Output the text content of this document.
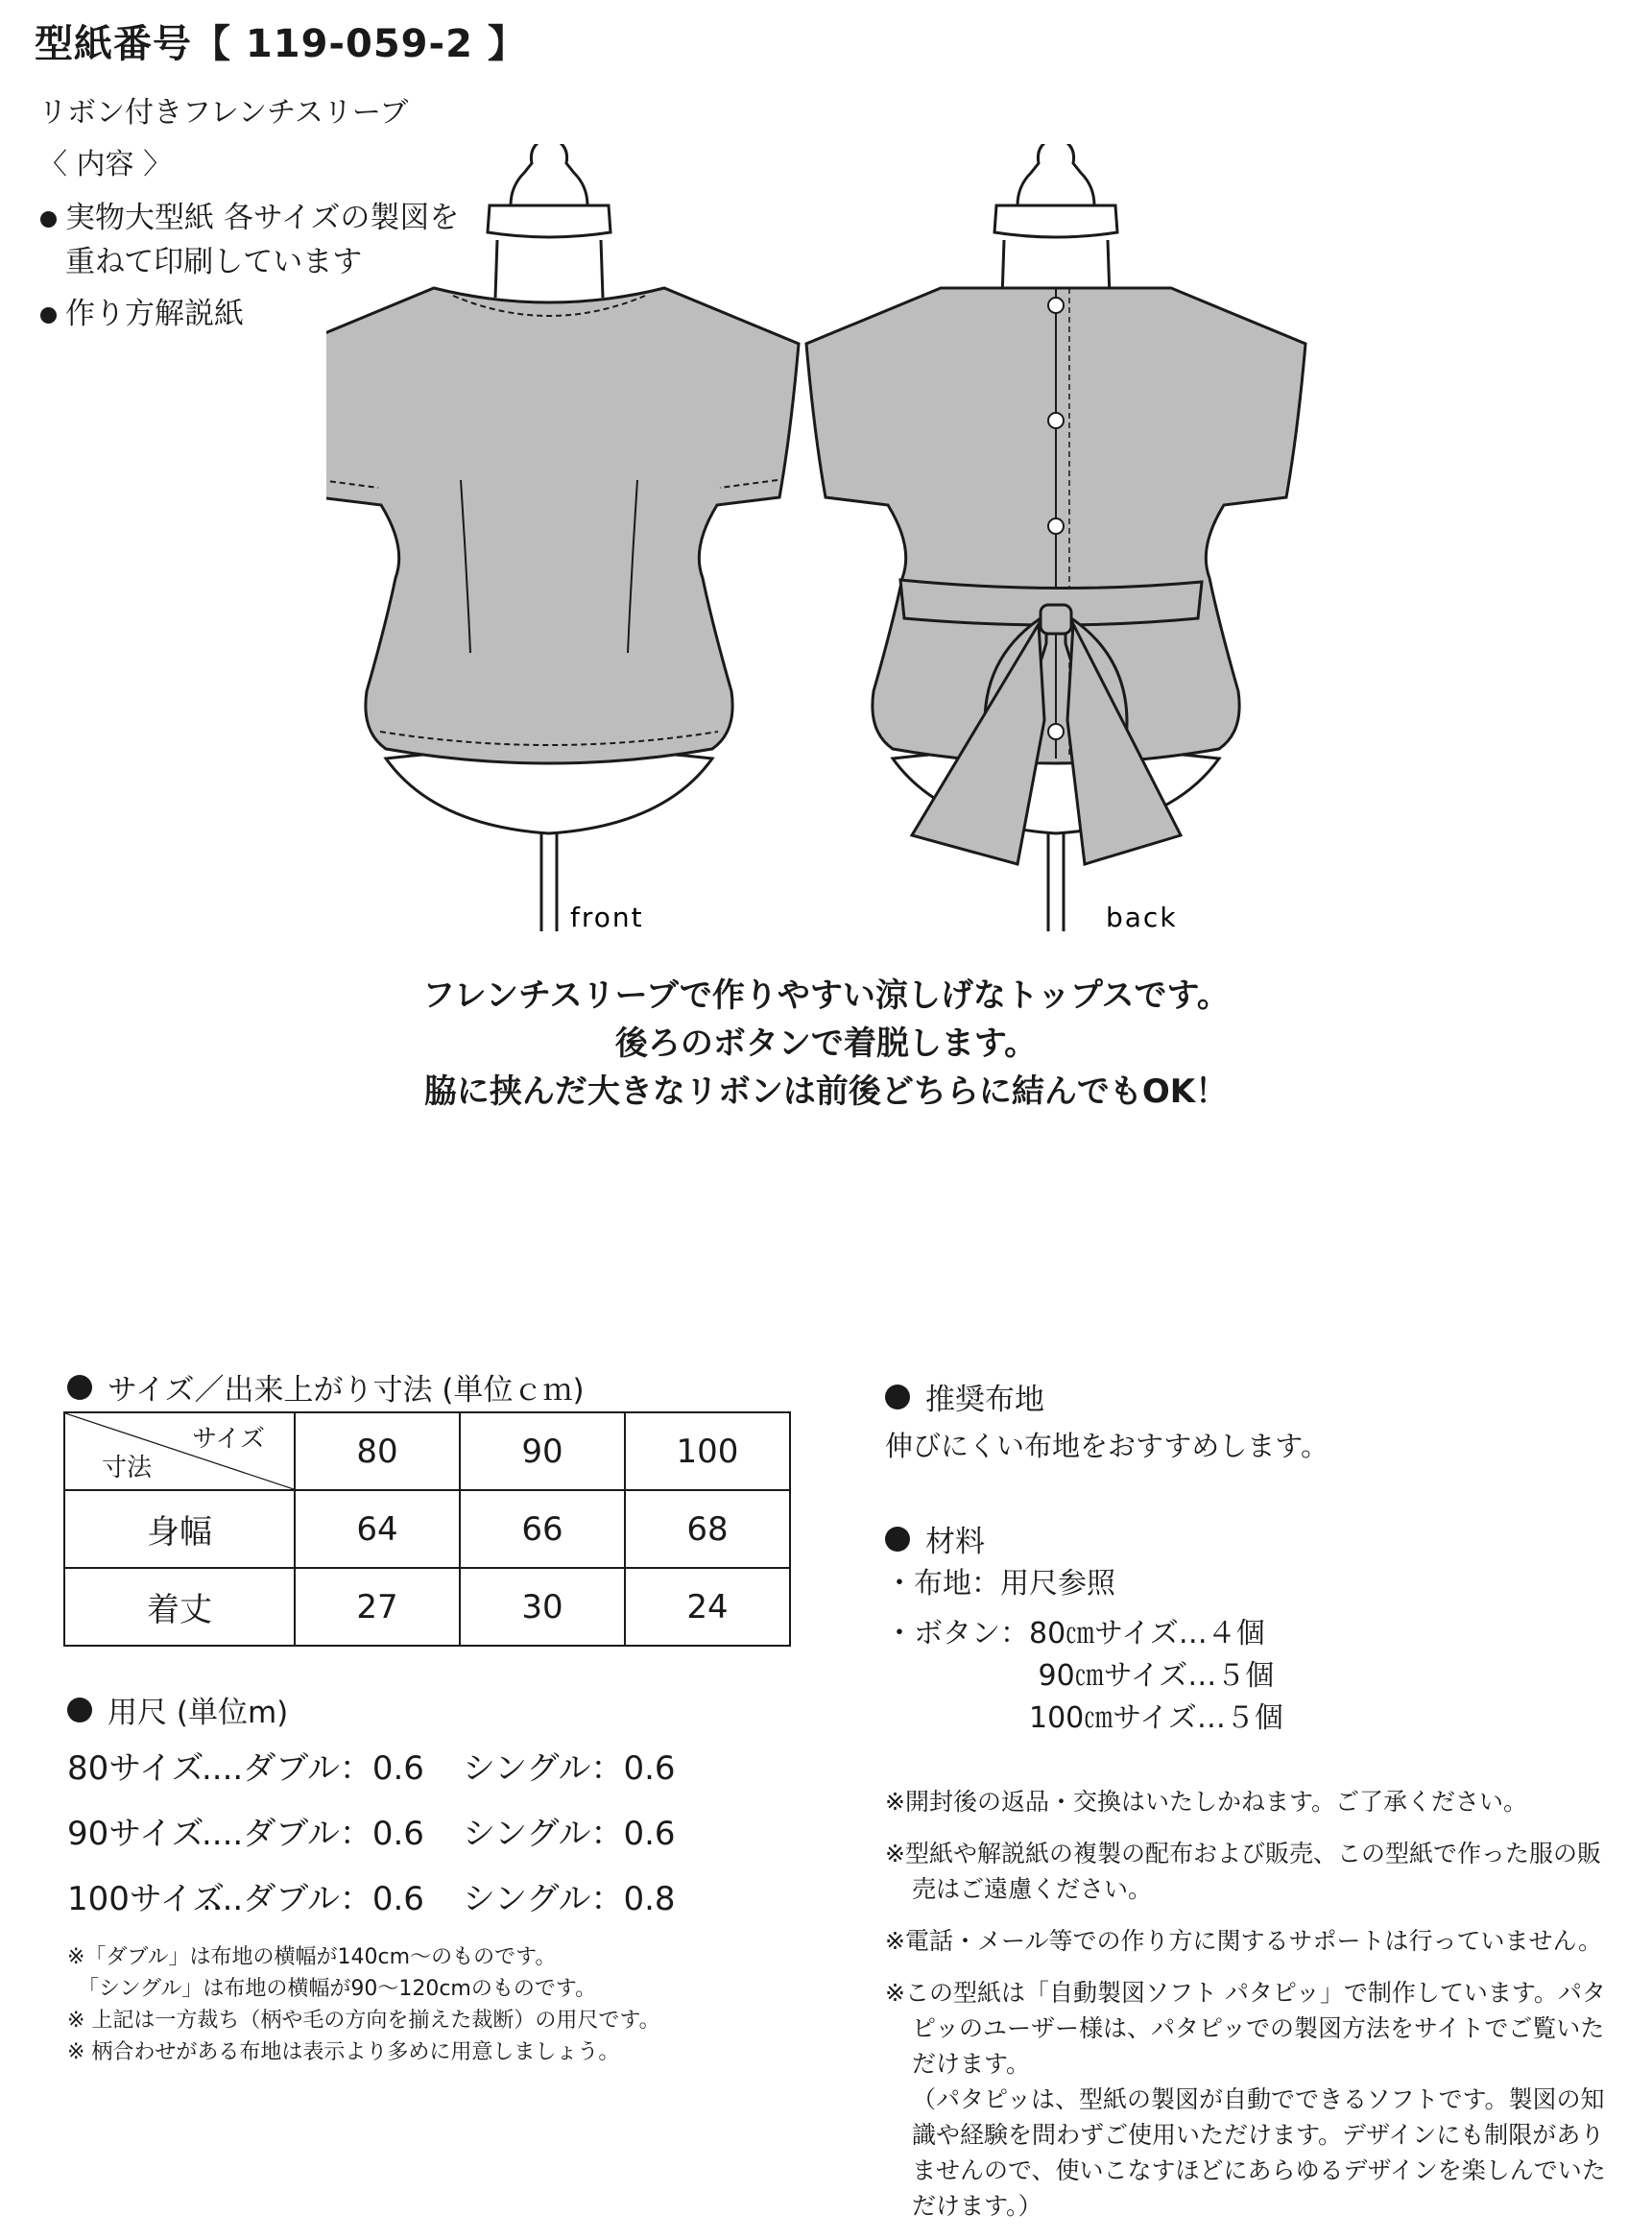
型紙番号【 119-059-2 】
リボン付きフレンチスリーブ
〈 内容 〉
実物大型紙 各サイズの製図を
重ねて印刷しています
作り方解説紙
front	back
フレンチスリーブで作りやすい涼しげなトップスです。
後ろのボタンで着脱します。
脇に挟んだ大きなリボンは前後どちらに結んでもOK！
サイズ／出来上がり寸法 (単位ｃｍ)
サイズ
寸法	80	90	100
身幅	64	66	68
着丈	27	30	24
用尺 (単位m)
80サイズ
....ダブル：0.6	シングル：0.6
90サイズ
....ダブル：0.6	シングル：0.6
100サイズ
....ダブル：0.6	シングル：0.8
※「ダブル」は布地の横幅が140cm〜のものです。
　「シングル」は布地の横幅が90〜120cmのものです。
※ 上記は一方裁ち（柄や毛の方向を揃えた裁断）の用尺です。
※ 柄合わせがある布地は表示より多めに用意しましょう。
推奨布地
伸びにくい布地をおすすめします。
材料
・布地：用尺参照
・ボタン：80㎝サイズ…４個
　　　　　 90㎝サイズ…５個
　　　　　100㎝サイズ…５個

※開封後の返品・交換はいたしかねます。ご了承ください。

※型紙や解説紙の複製の配布および販売、この型紙で作った服の販売はご遠慮ください。

※電話・メール等での作り方に関するサポートは行っていません。

※この型紙は「自動製図ソフト パタピッ」で制作しています。パタピッのユーザー様は、パタピッでの製図方法をサイトでご覧いただけます。
（パタピッは、型紙の製図が自動でできるソフトです。製図の知識や経験を問わずご使用いただけます。デザインにも制限がありませんので、使いこなすほどにあらゆるデザインを楽しんでいただけます。）
